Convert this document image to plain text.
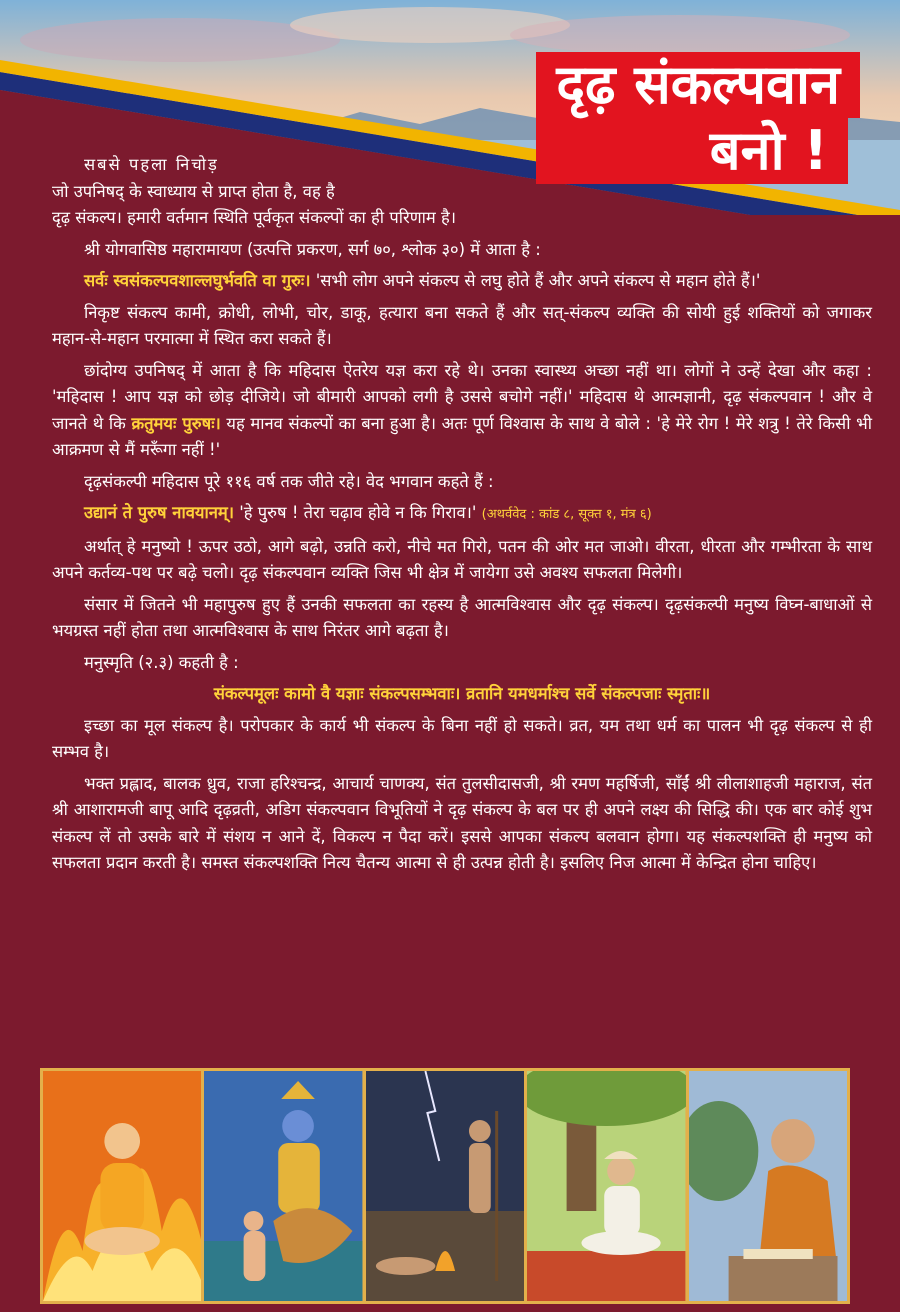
दृढ़ संकल्पवान
बनो !

सबसे पहला निचोड़
जो उपनिषद् के स्वाध्याय से प्राप्त होता है, वह है
दृढ़ संकल्प। हमारी वर्तमान स्थिति पूर्वकृत संकल्पों का ही परिणाम है।

श्री योगवासिष्ठ महारामायण (उत्पत्ति प्रकरण, सर्ग ७०, श्लोक ३०) में आता है :

सर्वः स्वसंकल्पवशाल्लघुर्भवति वा गुरुः। 'सभी लोग अपने संकल्प से लघु होते हैं और अपने संकल्प से महान होते हैं।'

निकृष्ट संकल्प कामी, क्रोधी, लोभी, चोर, डाकू, हत्यारा बना सकते हैं और सत्-संकल्प व्यक्ति की सोयी हुई शक्तियों को जगाकर महान-से-महान परमात्मा में स्थित करा सकते हैं।

छांदोग्य उपनिषद् में आता है कि महिदास ऐतरेय यज्ञ करा रहे थे। उनका स्वास्थ्य अच्छा नहीं था। लोगों ने उन्हें देखा और कहा : 'महिदास ! आप यज्ञ को छोड़ दीजिये। जो बीमारी आपको लगी है उससे बचोगे नहीं।' महिदास थे आत्मज्ञानी, दृढ़ संकल्पवान ! और वे जानते थे कि क्रतुमयः पुरुषः। यह मानव संकल्पों का बना हुआ है। अतः पूर्ण विश्वास के साथ वे बोले : 'हे मेरे रोग ! मेरे शत्रु ! तेरे किसी भी आक्रमण से मैं मरूँगा नहीं !'

दृढ़संकल्पी महिदास पूरे ११६ वर्ष तक जीते रहे। वेद भगवान कहते हैं :

उद्यानं ते पुरुष नावयानम्। 'हे पुरुष ! तेरा चढ़ाव होवे न कि गिराव।' (अथर्ववेद : कांड ८, सूक्त १, मंत्र ६)

अर्थात् हे मनुष्यो ! ऊपर उठो, आगे बढ़ो, उन्नति करो, नीचे मत गिरो, पतन की ओर मत जाओ। वीरता, धीरता और गम्भीरता के साथ अपने कर्तव्य-पथ पर बढ़े चलो। दृढ़ संकल्पवान व्यक्ति जिस भी क्षेत्र में जायेगा उसे अवश्य सफलता मिलेगी।

संसार में जितने भी महापुरुष हुए हैं उनकी सफलता का रहस्य है आत्मविश्वास और दृढ़ संकल्प। दृढ़संकल्पी मनुष्य विघ्न-बाधाओं से भयग्रस्त नहीं होता तथा आत्मविश्वास के साथ निरंतर आगे बढ़ता है।

मनुस्मृति (२.३) कहती है :

संकल्पमूलः कामो वै यज्ञाः संकल्पसम्भवाः। व्रतानि यमधर्माश्च सर्वे संकल्पजाः स्मृताः॥

इच्छा का मूल संकल्प है। परोपकार के कार्य भी संकल्प के बिना नहीं हो सकते। व्रत, यम तथा धर्म का पालन भी दृढ़ संकल्प से ही सम्भव है।

भक्त प्रह्लाद, बालक ध्रुव, राजा हरिश्चन्द्र, आचार्य चाणक्य, संत तुलसीदासजी, श्री रमण महर्षिजी, साँईं श्री लीलाशाहजी महाराज, संत श्री आशारामजी बापू आदि दृढ़व्रती, अडिग संकल्पवान विभूतियों ने दृढ़ संकल्प के बल पर ही अपने लक्ष्य की सिद्धि की। एक बार कोई शुभ संकल्प लें तो उसके बारे में संशय न आने दें, विकल्प न पैदा करें। इससे आपका संकल्प बलवान होगा। यह संकल्पशक्ति ही मनुष्य को सफलता प्रदान करती है। समस्त संकल्पशक्ति नित्य चैतन्य आत्मा से ही उत्पन्न होती है। इसलिए निज आत्मा में केन्द्रित होना चाहिए।
